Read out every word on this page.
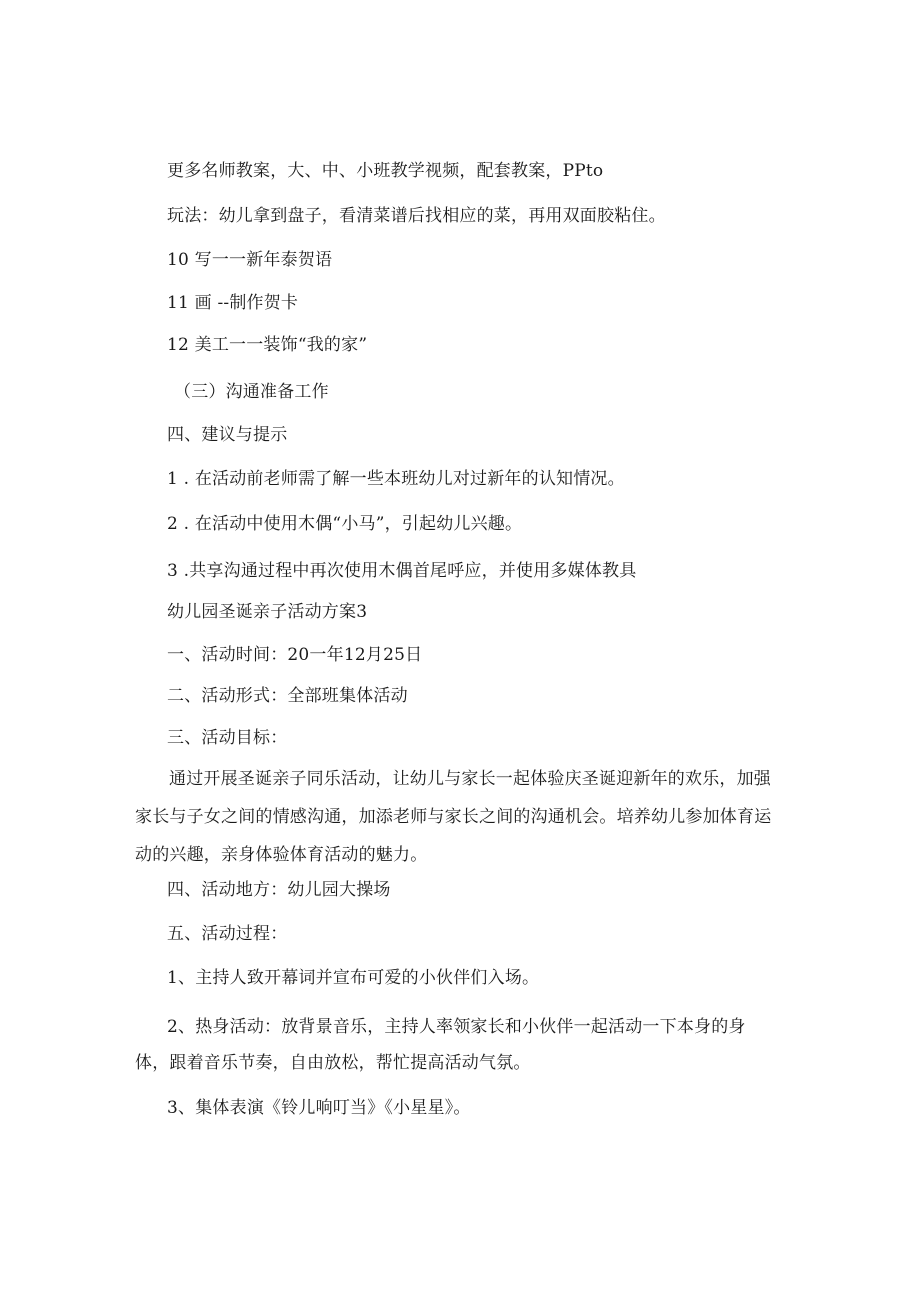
更多名师教案，大、中、小班教学视频，配套教案，PPto
玩法：幼儿拿到盘子，看清菜谱后找相应的菜，再用双面胶粘住。
10 写一一新年泰贺语
11 画 --制作贺卡
12 美工一一装饰“我的家”
（三）沟通准备工作
四、建议与提示
1 . 在活动前老师需了解一些本班幼儿对过新年的认知情况。
2 . 在活动中使用木偶“小马”，引起幼儿兴趣。
3 .共享沟通过程中再次使用木偶首尾呼应，并使用多媒体教具
幼儿园圣诞亲子活动方案3
一、活动时间：20一年12月25日
二、活动形式：全部班集体活动
三、活动目标：
通过开展圣诞亲子同乐活动，让幼儿与家长一起体验庆圣诞迎新年的欢乐，加强家长与子女之间的情感沟通，加添老师与家长之间的沟通机会。培养幼儿参加体育运动的兴趣，亲身体验体育活动的魅力。
四、活动地方：幼儿园大操场
五、活动过程：
1、主持人致开幕词并宣布可爱的小伙伴们入场。
2、热身活动：放背景音乐，主持人率领家长和小伙伴一起活动一下本身的身
体，跟着音乐节奏，自由放松，帮忙提高活动气氛。
3、集体表演《铃儿响叮当》《小星星》。
